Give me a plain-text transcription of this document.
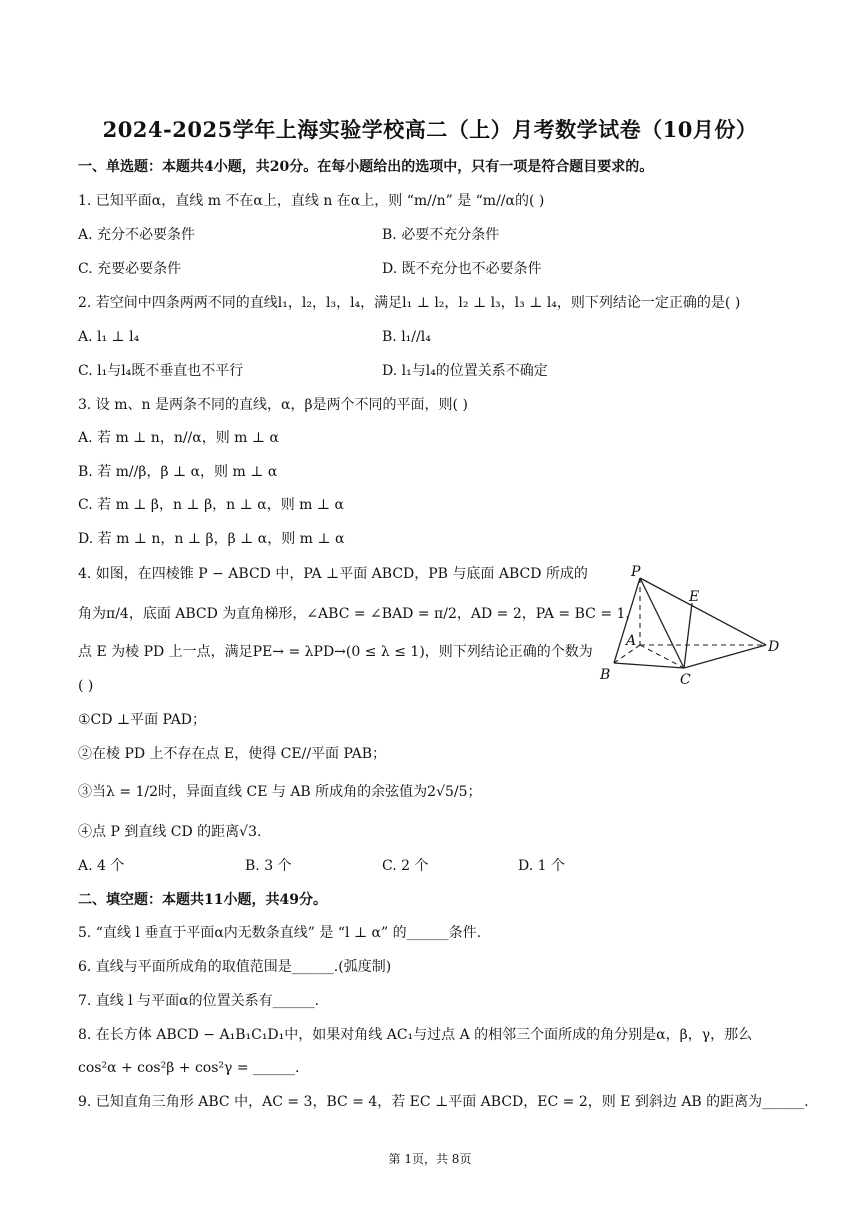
2024-2025学年上海实验学校高二（上）月考数学试卷（10月份）
一、单选题：本题共4小题，共20分。在每小题给出的选项中，只有一项是符合题目要求的。
1. 已知平面α，直线 m 不在α上，直线 n 在α上，则 “m//n” 是 “m//α的( )
A. 充分不必要条件	B. 必要不充分条件
C. 充要必要条件	D. 既不充分也不必要条件
2. 若空间中四条两两不同的直线l₁，l₂，l₃，l₄，满足l₁ ⊥ l₂，l₂ ⊥ l₃，l₃ ⊥ l₄，则下列结论一定正确的是( )
A. l₁ ⊥ l₄	B. l₁//l₄
C. l₁与l₄既不垂直也不平行	D. l₁与l₄的位置关系不确定
3. 设 m、n 是两条不同的直线，α，β是两个不同的平面，则( )
A. 若 m ⊥ n，n//α，则 m ⊥ α
B. 若 m//β，β ⊥ α，则 m ⊥ α
C. 若 m ⊥ β，n ⊥ β，n ⊥ α，则 m ⊥ α
D. 若 m ⊥ n，n ⊥ β，β ⊥ α，则 m ⊥ α
4. 如图，在四棱锥 P − ABCD 中，PA ⊥平面 ABCD，PB 与底面 ABCD 所成的
角为π/4，底面 ABCD 为直角梯形，∠ABC = ∠BAD = π/2，AD = 2，PA = BC = 1，
点 E 为棱 PD 上一点，满足PE→ = λPD→(0 ≤ λ ≤ 1)，则下列结论正确的个数为
( )
①CD ⊥平面 PAD；
②在棱 PD 上不存在点 E，使得 CE//平面 PAB；
③当λ = 1/2时，异面直线 CE 与 AB 所成角的余弦值为2√5/5；
④点 P 到直线 CD 的距离√3.
A. 4 个	B. 3 个	C. 2 个	D. 1 个
P
E
A	D
B	C
二、填空题：本题共11小题，共49分。
5. “直线 l 垂直于平面α内无数条直线” 是 “l ⊥ α” 的______条件.
6. 直线与平面所成角的取值范围是______.(弧度制)
7. 直线 l 与平面α的位置关系有______.
8. 在长方体 ABCD − A₁B₁C₁D₁中，如果对角线 AC₁与过点 A 的相邻三个面所成的角分别是α，β，γ，那么
cos²α + cos²β + cos²γ = ______.
9. 已知直角三角形 ABC 中，AC = 3，BC = 4，若 EC ⊥平面 ABCD，EC = 2，则 E 到斜边 AB 的距离为______.
第 1页，共 8页
